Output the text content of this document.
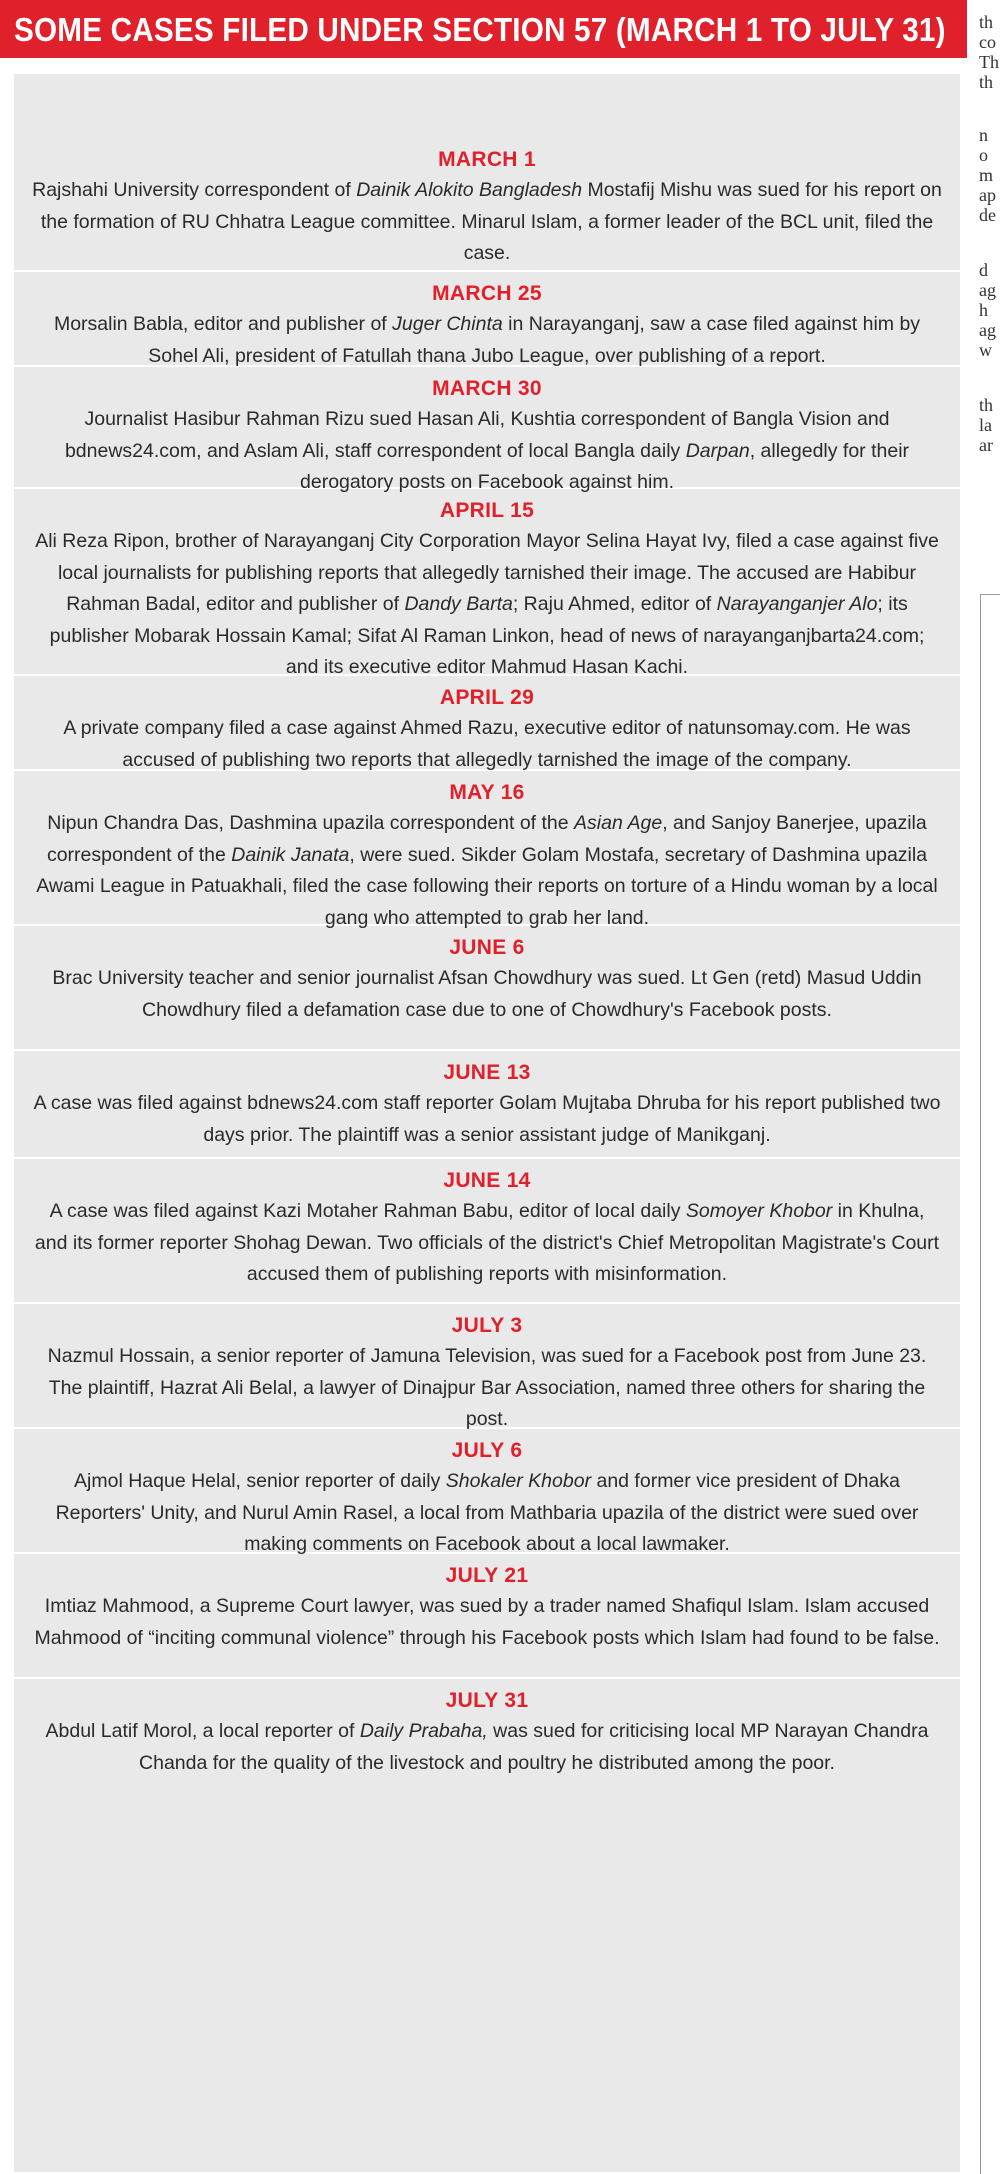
SOME CASES FILED UNDER SECTION 57 (MARCH 1 TO JULY 31)
MARCH 1
Rajshahi University correspondent of Dainik Alokito Bangladesh Mostafij Mishu was sued for his report on the formation of RU Chhatra League committee. Minarul Islam, a former leader of the BCL unit, filed the case.
MARCH 25
Morsalin Babla, editor and publisher of Juger Chinta in Narayanganj, saw a case filed against him by Sohel Ali, president of Fatullah thana Jubo League, over publishing of a report.
MARCH 30
Journalist Hasibur Rahman Rizu sued Hasan Ali, Kushtia correspondent of Bangla Vision and bdnews24.com, and Aslam Ali, staff correspondent of local Bangla daily Darpan, allegedly for their derogatory posts on Facebook against him.
APRIL 15
Ali Reza Ripon, brother of Narayanganj City Corporation Mayor Selina Hayat Ivy, filed a case against five local journalists for publishing reports that allegedly tarnished their image. The accused are Habibur Rahman Badal, editor and publisher of Dandy Barta; Raju Ahmed, editor of Narayanganjer Alo; its publisher Mobarak Hossain Kamal; Sifat Al Raman Linkon, head of news of narayanganjbarta24.com; and its executive editor Mahmud Hasan Kachi.
APRIL 29
A private company filed a case against Ahmed Razu, executive editor of natunsomay.com. He was accused of publishing two reports that allegedly tarnished the image of the company.
MAY 16
Nipun Chandra Das, Dashmina upazila correspondent of the Asian Age, and Sanjoy Banerjee, upazila correspondent of the Dainik Janata, were sued. Sikder Golam Mostafa, secretary of Dashmina upazila Awami League in Patuakhali, filed the case following their reports on torture of a Hindu woman by a local gang who attempted to grab her land.
JUNE 6
Brac University teacher and senior journalist Afsan Chowdhury was sued. Lt Gen (retd) Masud Uddin Chowdhury filed a defamation case due to one of Chowdhury's Facebook posts.
JUNE 13
A case was filed against bdnews24.com staff reporter Golam Mujtaba Dhruba for his report published two days prior. The plaintiff was a senior assistant judge of Manikganj.
JUNE 14
A case was filed against Kazi Motaher Rahman Babu, editor of local daily Somoyer Khobor in Khulna, and its former reporter Shohag Dewan. Two officials of the district's Chief Metropolitan Magistrate's Court accused them of publishing reports with misinformation.
JULY 3
Nazmul Hossain, a senior reporter of Jamuna Television, was sued for a Facebook post from June 23. The plaintiff, Hazrat Ali Belal, a lawyer of Dinajpur Bar Association, named three others for sharing the post.
JULY 6
Ajmol Haque Helal, senior reporter of daily Shokaler Khobor and former vice president of Dhaka Reporters' Unity, and Nurul Amin Rasel, a local from Mathbaria upazila of the district were sued over making comments on Facebook about a local lawmaker.
JULY 21
Imtiaz Mahmood, a Supreme Court lawyer, was sued by a trader named Shafiqul Islam. Islam accused Mahmood of “inciting communal violence” through his Facebook posts which Islam had found to be false.
JULY 31
Abdul Latif Morol, a local reporter of Daily Prabaha, was sued for criticising local MP Narayan Chandra Chanda for the quality of the livestock and poultry he distributed among the poor.
th
co
Th
th
n
o
m
ap
de
d
ag
h
ag
w
th
la
ar
